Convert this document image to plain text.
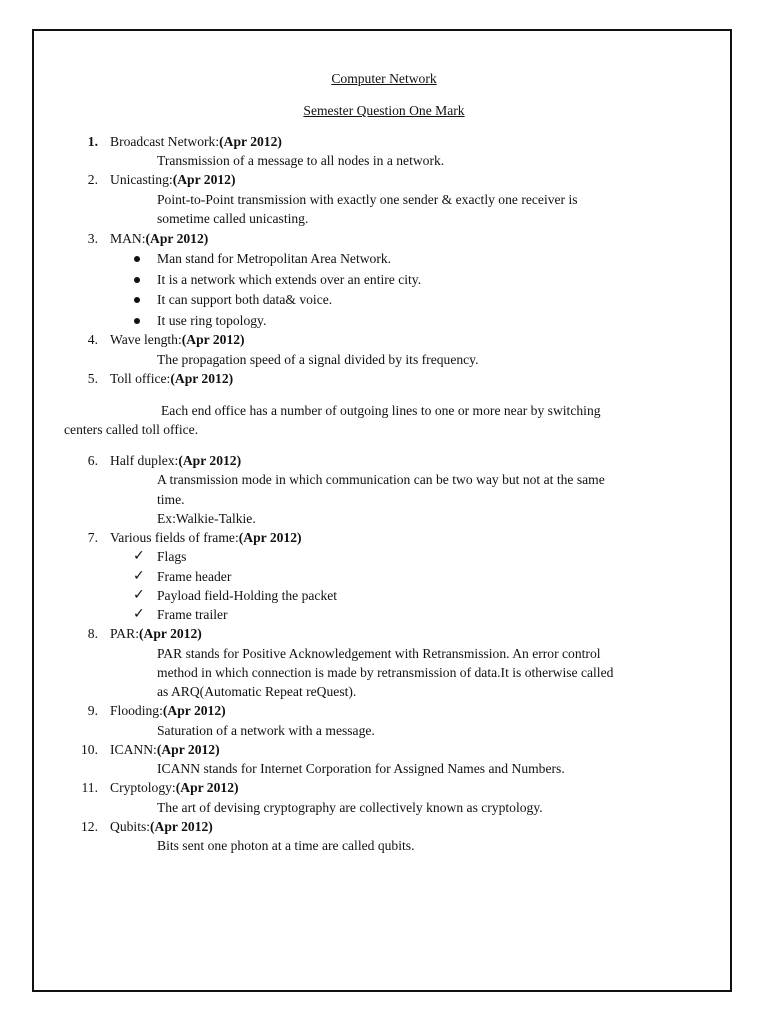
Computer Network
Semester Question One Mark
1. Broadcast Network:(Apr 2012)
Transmission of a message to all nodes in a network.
2. Unicasting:(Apr 2012)
Point-to-Point transmission with exactly one sender & exactly one receiver is
sometime called unicasting.
3. MAN:(Apr 2012)
Man stand for Metropolitan Area Network.
It is a network which extends over an entire city.
It can support both data& voice.
It use ring topology.
4. Wave length:(Apr 2012)
The propagation speed of a signal divided by its frequency.
5. Toll office:(Apr 2012)
Each end office has a number of outgoing lines to one or more near by switching
centers called toll office.
6. Half duplex:(Apr 2012)
A transmission mode in which communication can be two way but not at the same
time.
Ex:Walkie-Talkie.
7. Various fields of frame:(Apr 2012)
✓ Flags
✓ Frame header
✓ Payload field-Holding the packet
✓ Frame trailer
8. PAR:(Apr 2012)
PAR stands for Positive Acknowledgement with Retransmission. An error control
method in which connection is made by retransmission of data.It is otherwise called
as ARQ(Automatic Repeat reQuest).
9. Flooding:(Apr 2012)
Saturation of a network with a message.
10. ICANN:(Apr 2012)
ICANN stands for Internet Corporation for Assigned Names and Numbers.
11. Cryptology:(Apr 2012)
The art of devising cryptography are collectively known as cryptology.
12. Qubits:(Apr 2012)
Bits sent one photon at a time are called qubits.
